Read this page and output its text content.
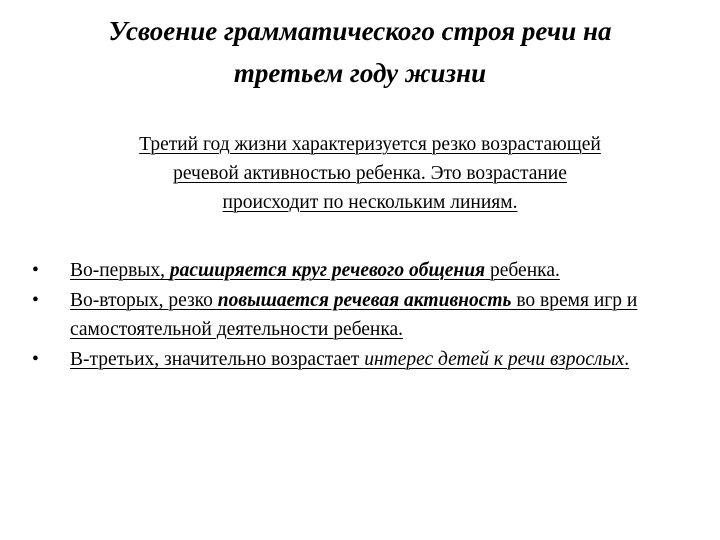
Усвоение грамматического строя речи на
третьем году жизни
Третий год жизни характеризуется резко возрастающей
речевой активностью ребенка. Это возрастание
происходит по нескольким линиям.
• Во-первых, расширяется круг речевого общения ребенка.
• Во-вторых, резко повышается речевая активность во время игр и самостоятельной деятельности ребенка.
• В-третьих, значительно возрастает интерес детей к речи взрослых.
